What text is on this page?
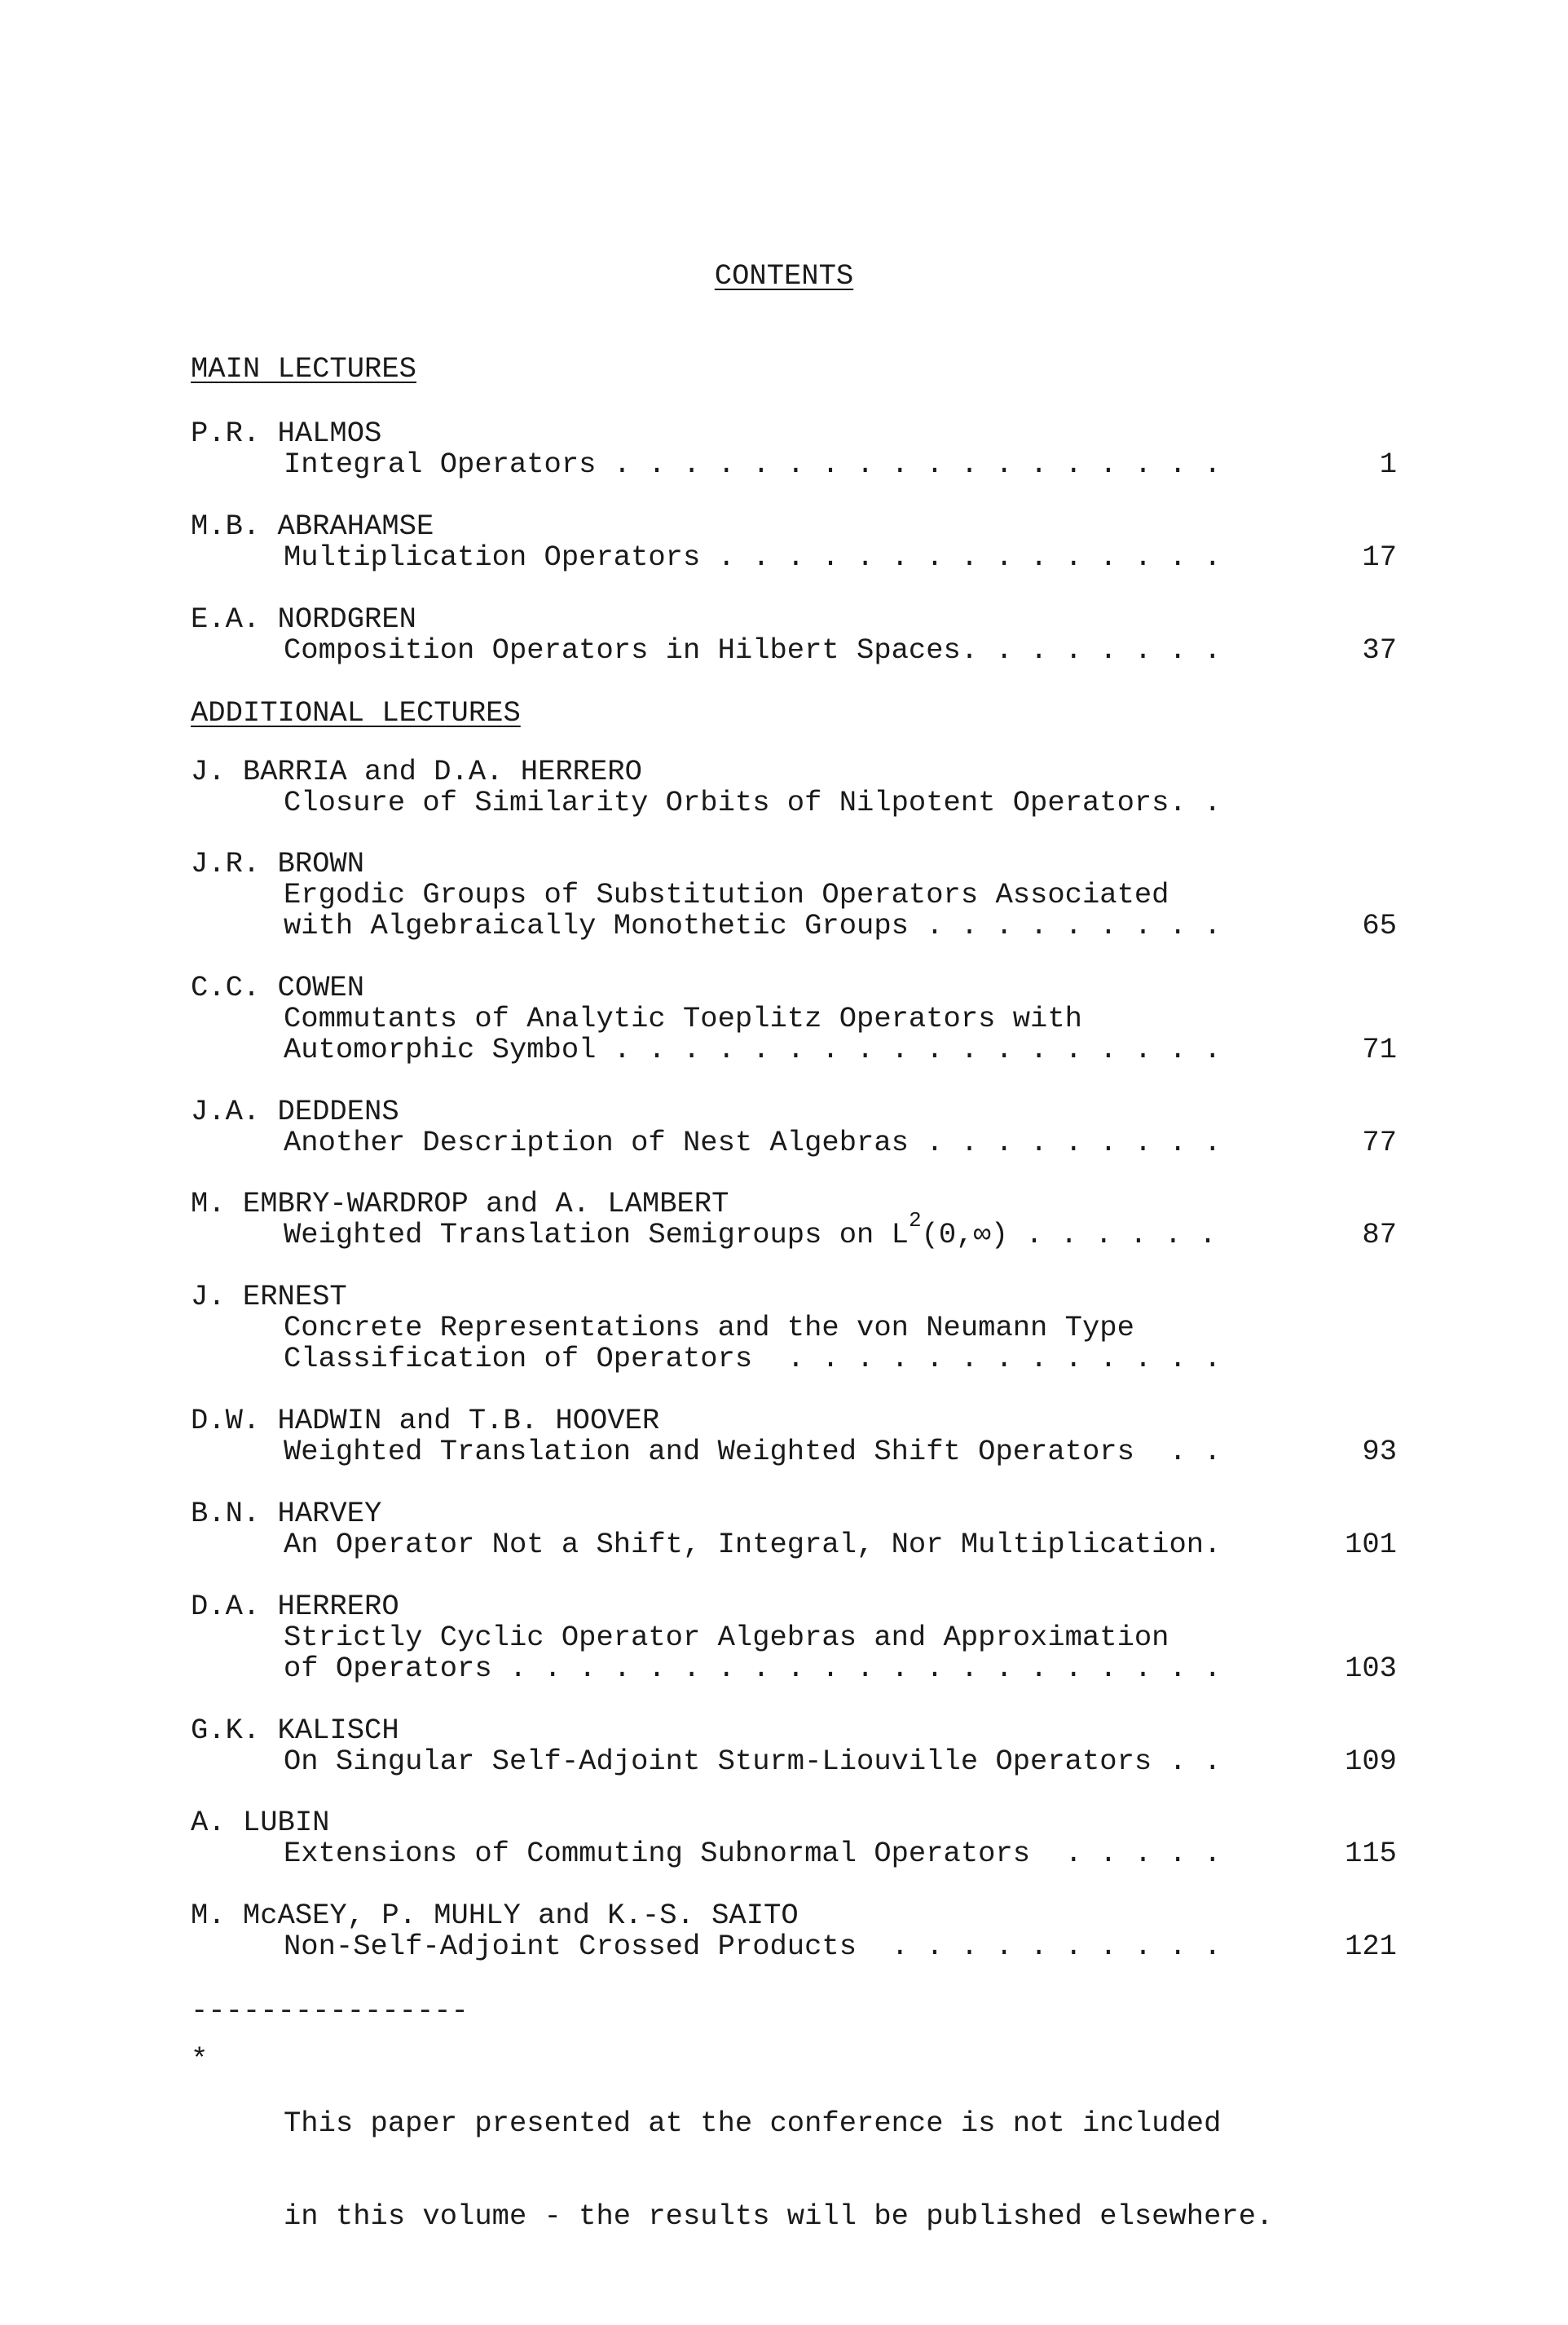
CONTENTS
MAIN LECTURES
ADDITIONAL LECTURES
P.R. HALMOS
Integral Operators . . . . . . . . . . . . . . . . . .	1
M.B. ABRAHAMSE
Multiplication Operators . . . . . . . . . . . . . . .	17
E.A. NORDGREN
Composition Operators in Hilbert Spaces. . . . . . . .	37
J. BARRIA and D.A. HERRERO
Closure of Similarity Orbits of Nilpotent Operators. .
J.R. BROWN
Ergodic Groups of Substitution Operators Associated
with Algebraically Monothetic Groups . . . . . . . . .	65
C.C. COWEN
Commutants of Analytic Toeplitz Operators with
Automorphic Symbol . . . . . . . . . . . . . . . . . .	71
J.A. DEDDENS
Another Description of Nest Algebras . . . . . . . . .	77
M. EMBRY-WARDROP and A. LAMBERT
Weighted Translation Semigroups on $L^2(0,\infty)$ . . . . . .	87
J. ERNEST
Concrete Representations and the von Neumann Type
Classification of Operators  . . . . . . . . . . . . .
D.W. HADWIN and T.B. HOOVER
Weighted Translation and Weighted Shift Operators  . .	93
B.N. HARVEY
An Operator Not a Shift, Integral, Nor Multiplication.	101
D.A. HERRERO
Strictly Cyclic Operator Algebras and Approximation
of Operators . . . . . . . . . . . . . . . . . . . . .	103
G.K. KALISCH
On Singular Self-Adjoint Sturm-Liouville Operators . .	109
A. LUBIN
Extensions of Commuting Subnormal Operators  . . . . .	115
M. McASEY, P. MUHLY and K.-S. SAITO
Non-Self-Adjoint Crossed Products  . . . . . . . . . .	121
----------------
*

This paper presented at the conference is not included

in this volume - the results will be published elsewhere.
